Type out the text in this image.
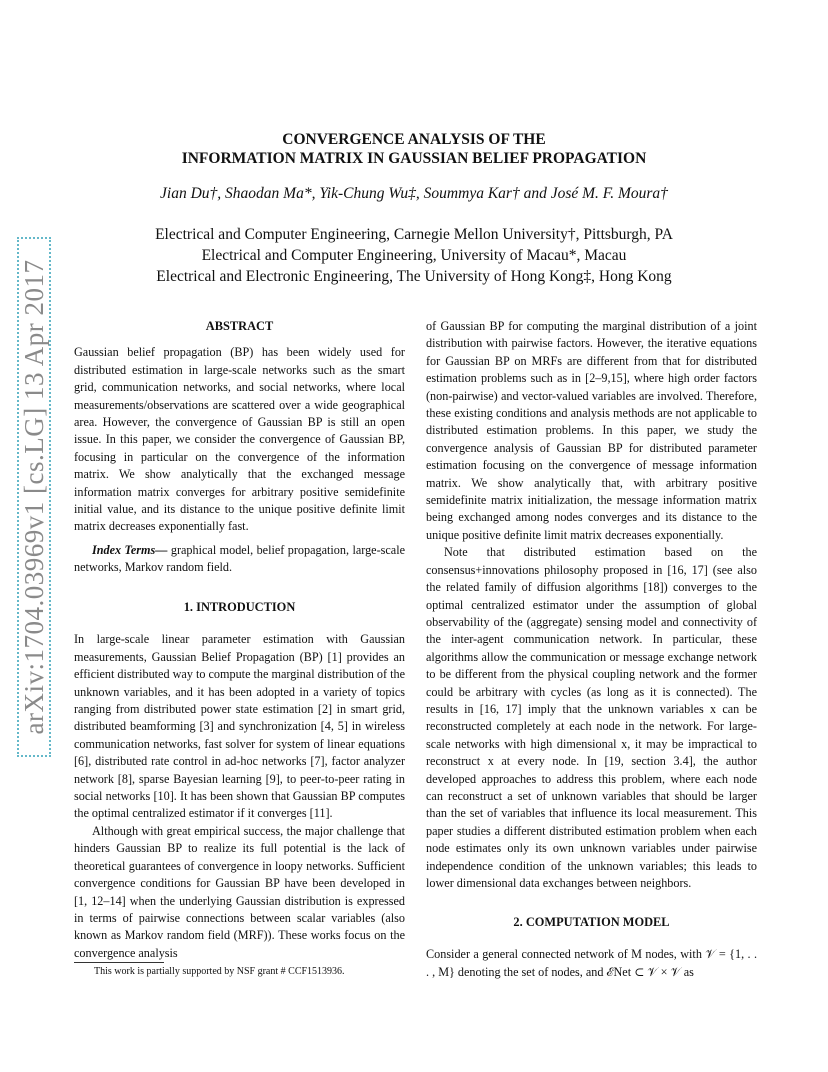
arXiv:1704.03969v1 [cs.LG] 13 Apr 2017
CONVERGENCE ANALYSIS OF THE
INFORMATION MATRIX IN GAUSSIAN BELIEF PROPAGATION
Jian Du†, Shaodan Ma*, Yik-Chung Wu‡, Soummya Kar† and José M. F. Moura†
Electrical and Computer Engineering, Carnegie Mellon University†, Pittsburgh, PA
Electrical and Computer Engineering, University of Macau*, Macau
Electrical and Electronic Engineering, The University of Hong Kong‡, Hong Kong

ABSTRACT

Gaussian belief propagation (BP) has been widely used for distributed estimation in large-scale networks such as the smart grid, communication networks, and social networks, where local measurements/observations are scattered over a wide geographical area. However, the convergence of Gaussian BP is still an open issue. In this paper, we consider the convergence of Gaussian BP, focusing in particular on the convergence of the information matrix. We show analytically that the exchanged message information matrix converges for arbitrary positive semidefinite initial value, and its distance to the unique positive definite limit matrix decreases exponentially fast.

Index Terms— graphical model, belief propagation, large-scale networks, Markov random field.

1. INTRODUCTION

In large-scale linear parameter estimation with Gaussian measurements, Gaussian Belief Propagation (BP) [1] provides an efficient distributed way to compute the marginal distribution of the unknown variables, and it has been adopted in a variety of topics ranging from distributed power state estimation [2] in smart grid, distributed beamforming [3] and synchronization [4, 5] in wireless communication networks, fast solver for system of linear equations [6], distributed rate control in ad-hoc networks [7], factor analyzer network [8], sparse Bayesian learning [9], to peer-to-peer rating in social networks [10]. It has been shown that Gaussian BP computes the optimal centralized estimator if it converges [11].

Although with great empirical success, the major challenge that hinders Gaussian BP to realize its full potential is the lack of theoretical guarantees of convergence in loopy networks. Sufficient convergence conditions for Gaussian BP have been developed in [1, 12–14] when the underlying Gaussian distribution is expressed in terms of pairwise connections between scalar variables (also known as Markov random field (MRF)). These works focus on the convergence analysis

This work is partially supported by NSF grant # CCF1513936.

of Gaussian BP for computing the marginal distribution of a joint distribution with pairwise factors. However, the iterative equations for Gaussian BP on MRFs are different from that for distributed estimation problems such as in [2–9,15], where high order factors (non-pairwise) and vector-valued variables are involved. Therefore, these existing conditions and analysis methods are not applicable to distributed estimation problems. In this paper, we study the convergence analysis of Gaussian BP for distributed parameter estimation focusing on the convergence of message information matrix. We show analytically that, with arbitrary positive semidefinite matrix initialization, the message information matrix being exchanged among nodes converges and its distance to the unique positive definite limit matrix decreases exponentially.

Note that distributed estimation based on the consensus+innovations philosophy proposed in [16, 17] (see also the related family of diffusion algorithms [18]) converges to the optimal centralized estimator under the assumption of global observability of the (aggregate) sensing model and connectivity of the inter-agent communication network. In particular, these algorithms allow the communication or message exchange network to be different from the physical coupling network and the former could be arbitrary with cycles (as long as it is connected). The results in [16, 17] imply that the unknown variables x can be reconstructed completely at each node in the network. For large-scale networks with high dimensional x, it may be impractical to reconstruct x at every node. In [19, section 3.4], the author developed approaches to address this problem, where each node can reconstruct a set of unknown variables that should be larger than the set of variables that influence its local measurement. This paper studies a different distributed estimation problem when each node estimates only its own unknown variables under pairwise independence condition of the unknown variables; this leads to lower dimensional data exchanges between neighbors.

2. COMPUTATION MODEL

Consider a general connected network of M nodes, with 𝒱 = {1, . . . , M} denoting the set of nodes, and ℰNet ⊂ 𝒱 × 𝒱 as
